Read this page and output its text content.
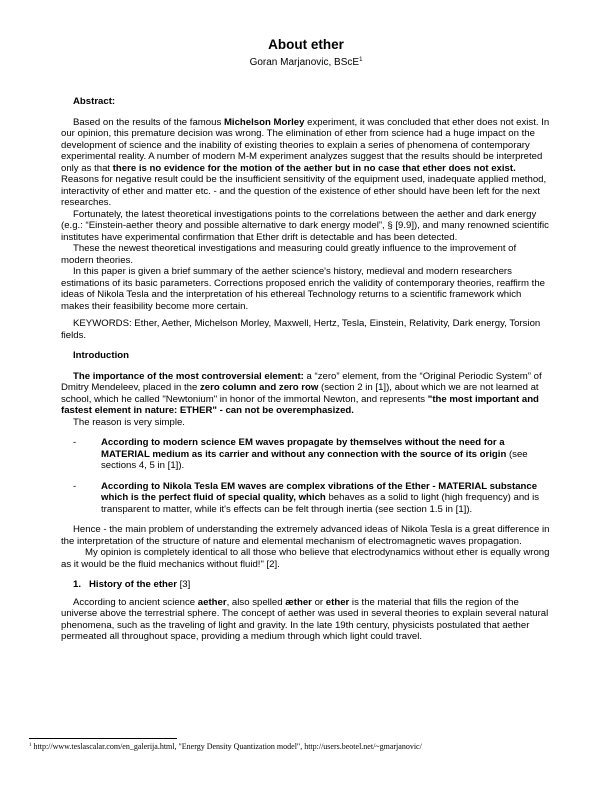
About ether
Goran Marjanovic, BScE$^1$

Abstract:

Based on the results of the famous Michelson Morley experiment, it was concluded that ether does not exist. In our opinion, this premature decision was wrong. The elimination of ether from science had a huge impact on the development of science and the inability of existing theories to explain a series of phenomena of contemporary experimental reality. A number of modern M-M experiment analyzes suggest that the results should be interpreted only as that there is no evidence for the motion of the aether but in no case that ether does not exist. Reasons for negative result could be the insufficient sensitivity of the equipment used, inadequate applied method, interactivity of ether and matter etc. - and the question of the existence of ether should have been left for the next researches.

Fortunately, the latest theoretical investigations points to the correlations between the aether and dark energy (e.g.: “Einstein-aether theory and possible alternative to dark energy model”, § [9.9]), and many renowned scientific institutes have experimental confirmation that Ether drift is detectable and has been detected.

These the newest theoretical investigations and measuring could greatly influence to the improvement of modern theories.

In this paper is given a brief summary of the aether science's history, medieval and modern researchers estimations of its basic parameters. Corrections proposed enrich the validity of contemporary theories, reaffirm the ideas of Nikola Tesla and the interpretation of his ethereal Technology returns to a scientific framework which makes their feasibility become more certain.

KEYWORDS: Ether, Aether, Michelson Morley, Maxwell, Hertz, Tesla, Einstein, Relativity, Dark energy, Torsion fields.

Introduction

The importance of the most controversial element: a “zero” element, from the “Original Periodic System” of Dmitry Mendeleev, placed in the zero column and zero row (section 2 in [1]), about which we are not learned at school, which he called "Newtonium" in honor of the immortal Newton, and represents "the most important and fastest element in nature: ETHER" - can not be overemphasized.

The reason is very simple.

-	According to modern science EM waves propagate by themselves without the need for a MATERIAL medium as its carrier and without any connection with the source of its origin (see sections 4, 5 in [1]).
-	According to Nikola Tesla EM waves are complex vibrations of the Ether - MATERIAL substance which is the perfect fluid of special quality, which behaves as a solid to light (high frequency) and is transparent to matter, while it's effects can be felt through inertia (see section 1.5 in [1]).

Hence - the main problem of understanding the extremely advanced ideas of Nikola Tesla is a great difference in the interpretation of the structure of nature and elemental mechanism of electromagnetic waves propagation.

My opinion is completely identical to all those who believe that electrodynamics without ether is equally wrong as it would be the fluid mechanics without fluid!" [2].

1. History of the ether [3]

According to ancient science aether, also spelled æther or ether is the material that fills the region of the universe above the terrestrial sphere. The concept of aether was used in several theories to explain several natural phenomena, such as the traveling of light and gravity. In the late 19th century, physicists postulated that aether permeated all throughout space, providing a medium through which light could travel.

$^1$ http://www.teslascalar.com/en_galerija.html, "Energy Density Quantization model", http://users.beotel.net/~gmarjanovic/
